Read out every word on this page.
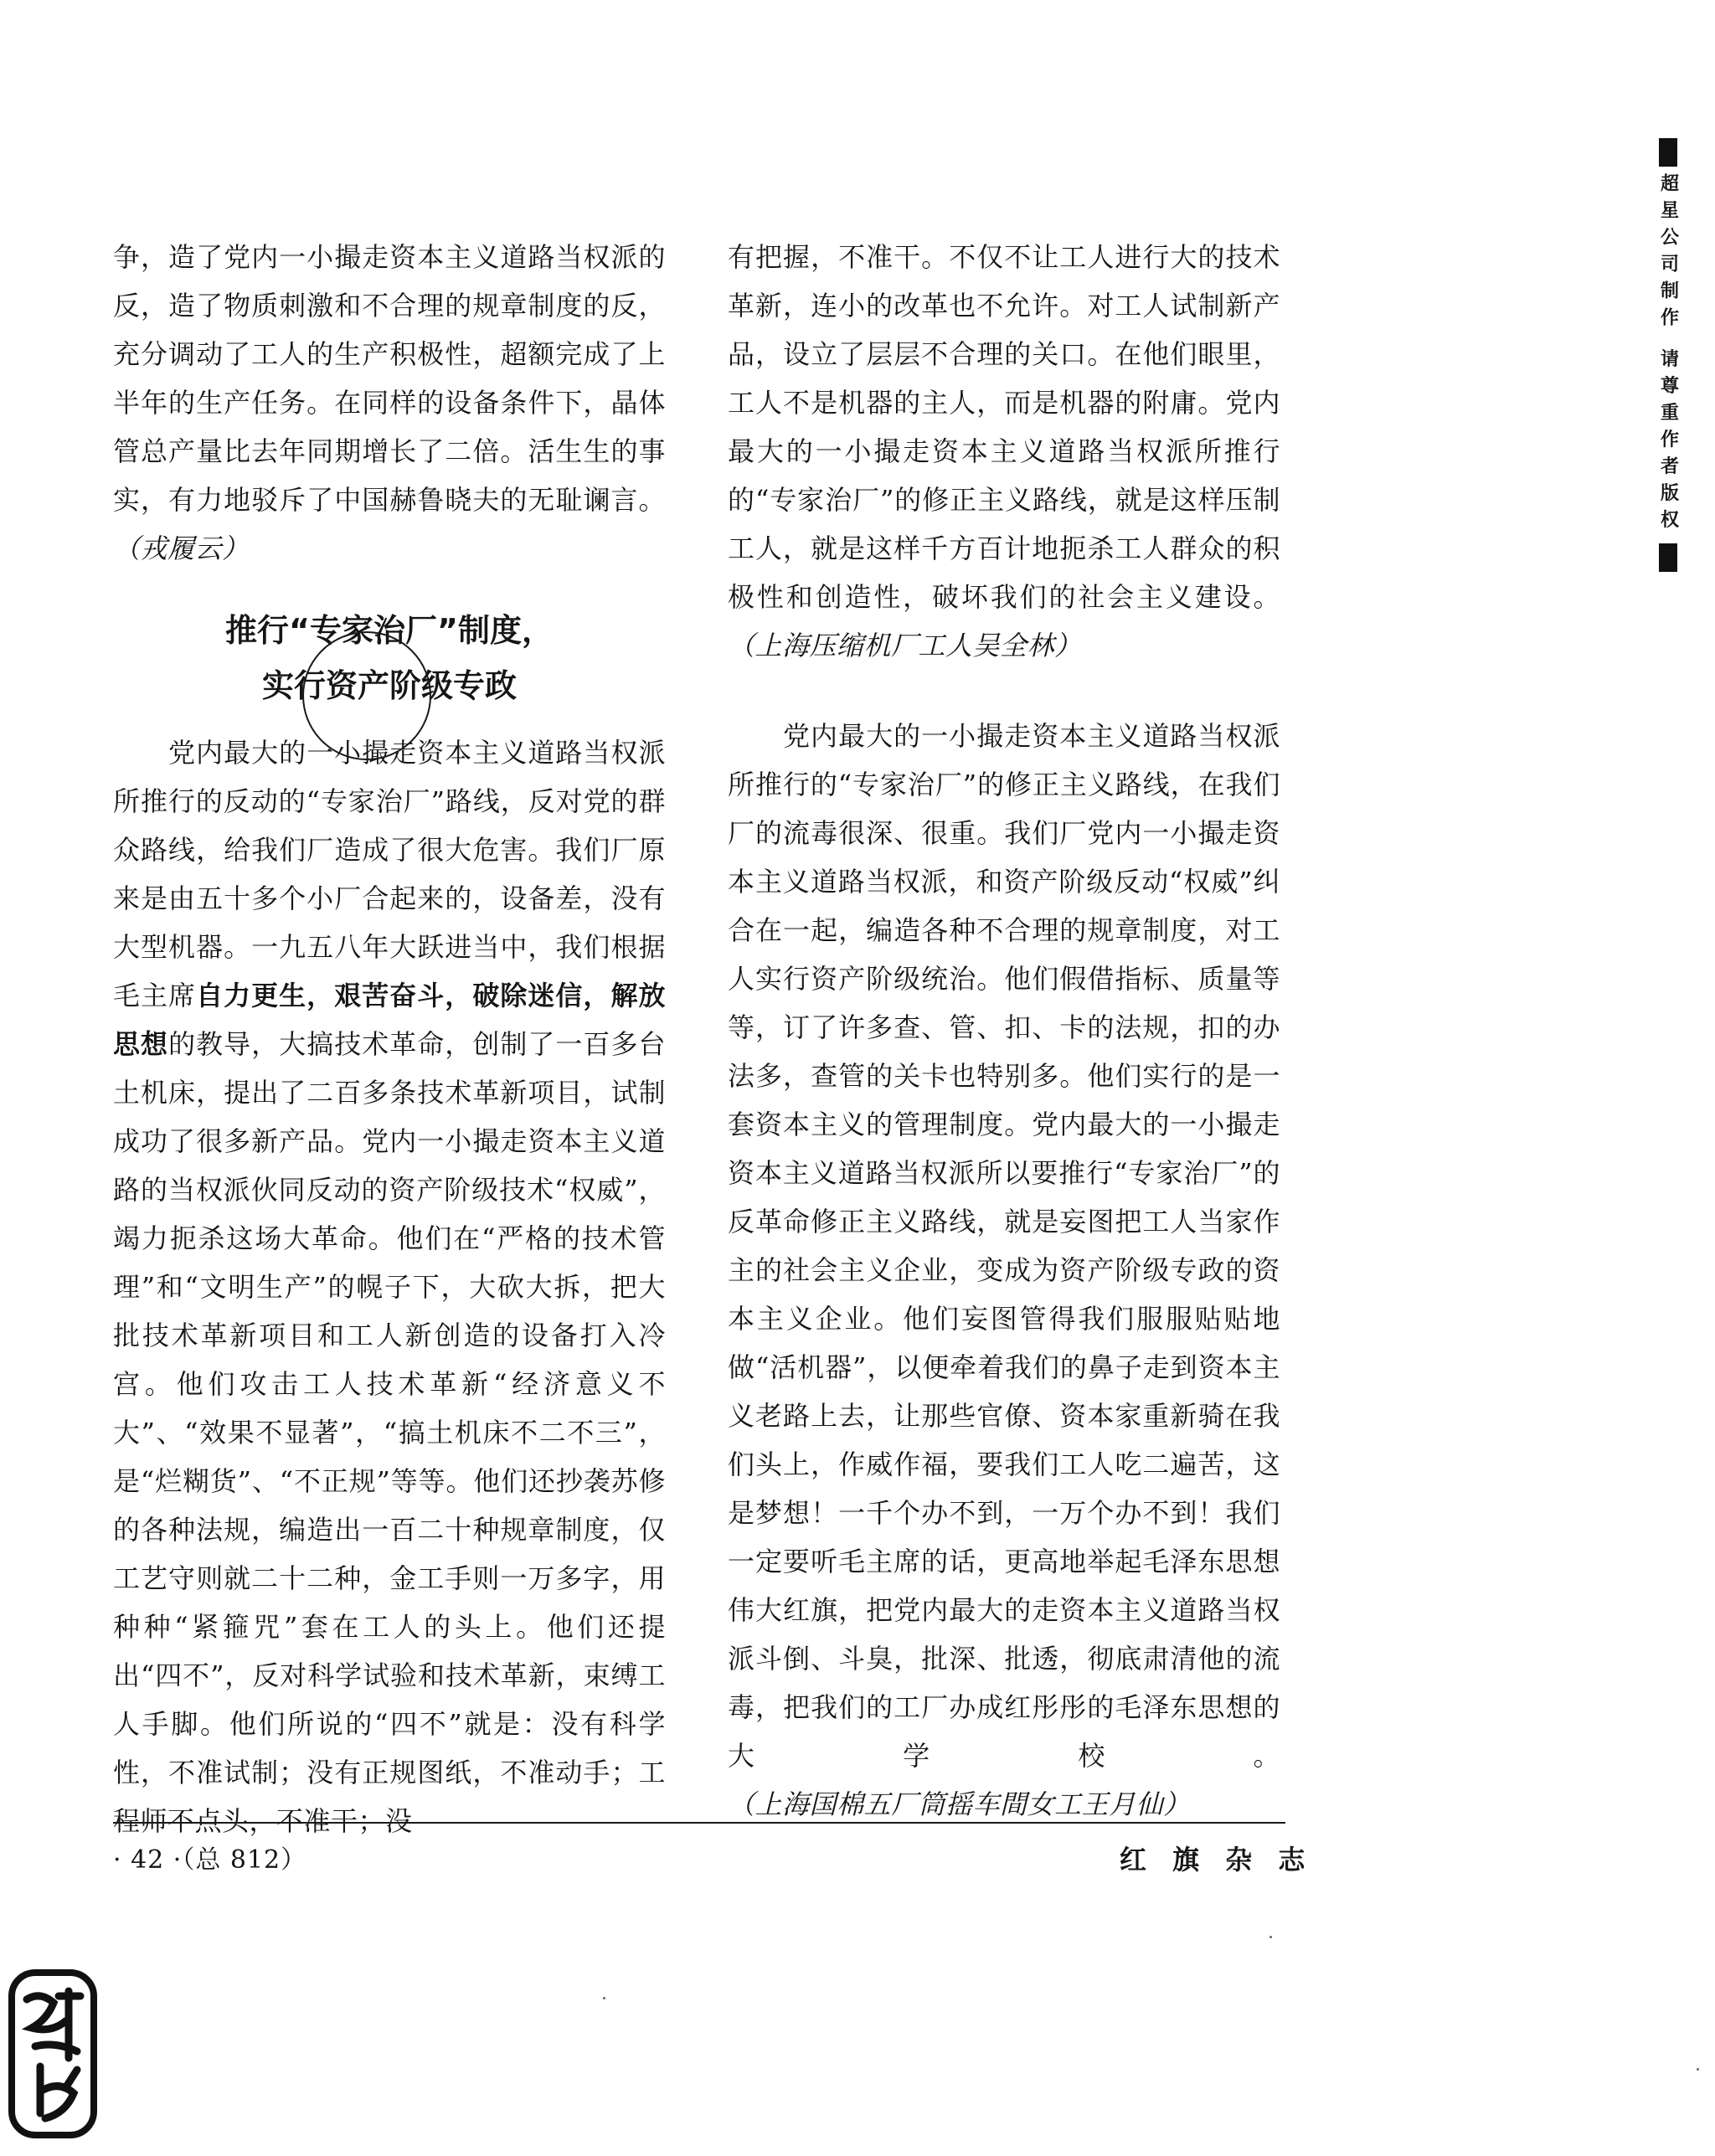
争，造了党内一小撮走资本主义道路当权派的反，造了物质刺激和不合理的规章制度的反，充分调动了工人的生产积极性，超额完成了上半年的生产任务。在同样的设备条件下，晶体管总产量比去年同期增长了二倍。活生生的事实，有力地驳斥了中国赫鲁晓夫的无耻谰言。（戎履云）

推行“专家治厂”制度，
实行资产阶级专政

党内最大的一小撮走资本主义道路当权派所推行的反动的“专家治厂”路线，反对党的群众路线，给我们厂造成了很大危害。我们厂原来是由五十多个小厂合起来的，设备差，没有大型机器。一九五八年大跃进当中，我们根据毛主席自力更生，艰苦奋斗，破除迷信，解放思想的教导，大搞技术革命，创制了一百多台土机床，提出了二百多条技术革新项目，试制成功了很多新产品。党内一小撮走资本主义道路的当权派伙同反动的资产阶级技术“权威”，竭力扼杀这场大革命。他们在“严格的技术管理”和“文明生产”的幌子下，大砍大拆，把大批技术革新项目和工人新创造的设备打入冷宫。他们攻击工人技术革新“经济意义不大”、“效果不显著”，“搞土机床不二不三”，是“烂糊货”、“不正规”等等。他们还抄袭苏修的各种法规，编造出一百二十种规章制度，仅工艺守则就二十二种，金工手则一万多字，用种种“紧箍咒”套在工人的头上。他们还提出“四不”，反对科学试验和技术革新，束缚工人手脚。他们所说的“四不”就是：没有科学性，不准试制；没有正规图纸，不准动手；工程师不点头，不准干；没

有把握，不准干。不仅不让工人进行大的技术革新，连小的改革也不允许。对工人试制新产品，设立了层层不合理的关口。在他们眼里，工人不是机器的主人，而是机器的附庸。党内最大的一小撮走资本主义道路当权派所推行的“专家治厂”的修正主义路线，就是这样压制工人，就是这样千方百计地扼杀工人群众的积极性和创造性，破坏我们的社会主义建设。（上海压缩机厂工人吴全林）

党内最大的一小撮走资本主义道路当权派所推行的“专家治厂”的修正主义路线，在我们厂的流毒很深、很重。我们厂党内一小撮走资本主义道路当权派，和资产阶级反动“权威”纠合在一起，编造各种不合理的规章制度，对工人实行资产阶级统治。他们假借指标、质量等等，订了许多查、管、扣、卡的法规，扣的办法多，查管的关卡也特别多。他们实行的是一套资本主义的管理制度。党内最大的一小撮走资本主义道路当权派所以要推行“专家治厂”的反革命修正主义路线，就是妄图把工人当家作主的社会主义企业，变成为资产阶级专政的资本主义企业。他们妄图管得我们服服贴贴地做“活机器”，以便牵着我们的鼻子走到资本主义老路上去，让那些官僚、资本家重新骑在我们头上，作威作福，要我们工人吃二遍苦，这是梦想！一千个办不到，一万个办不到！我们一定要听毛主席的话，更高地举起毛泽东思想伟大红旗，把党内最大的走资本主义道路当权派斗倒、斗臭，批深、批透，彻底肃清他的流毒，把我们的工厂办成红彤彤的毛泽东思想的大学校。（上海国棉五厂筒摇车間女工王月仙）

· 42 ·（总 812）	红 旗 杂 志
超星公司制作 请尊重作者版权
